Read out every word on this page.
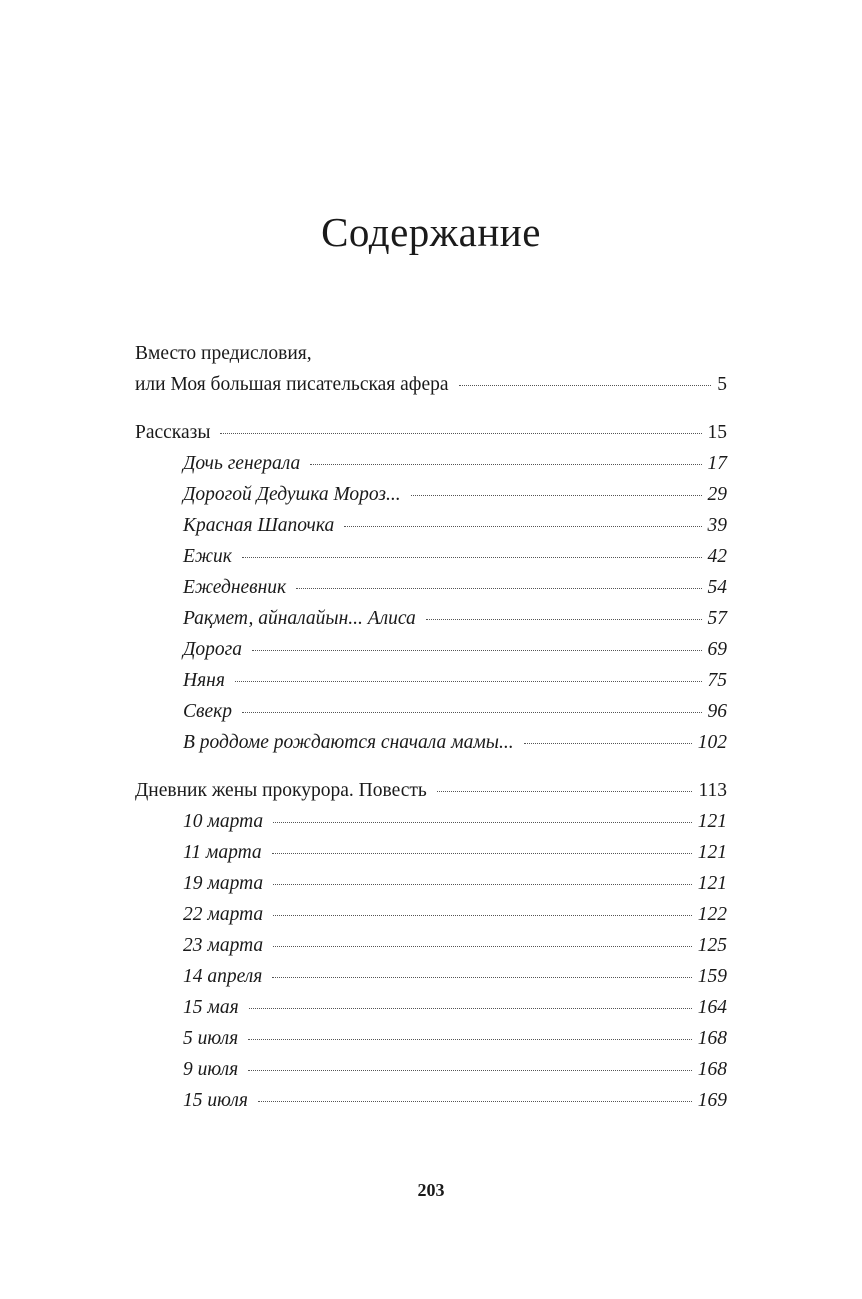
Содержание
Вместо предисловия,
или Моя большая писательская афера	5
Рассказы	15
Дочь генерала	17
Дорогой Дедушка Мороз...	29
Красная Шапочка	39
Ежик	42
Ежедневник	54
Рақмет, айналайын... Алиса	57
Дорога	69
Няня	75
Свекр	96
В роддоме рождаются сначала мамы...	102
Дневник жены прокурора. Повесть	113
10 марта	121
11 марта	121
19 марта	121
22 марта	122
23 марта	125
14 апреля	159
15 мая	164
5 июля	168
9 июля	168
15 июля	169
203
